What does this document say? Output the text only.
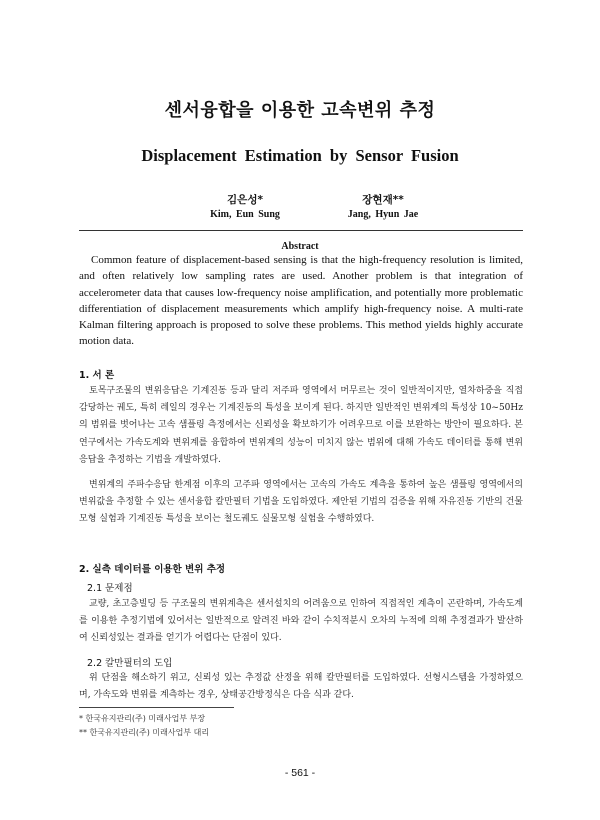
센서융합을 이용한 고속변위 추정
Displacement Estimation by Sensor Fusion
김은성*
Kim, Eun Sung
장현재**
Jang, Hyun Jae
Abstract
Common feature of displacement-based sensing is that the high-frequency resolution is limited, and often relatively low sampling rates are used. Another problem is that integration of accelerometer data that causes low-frequency noise amplification, and potentially more problematic differentiation of displacement measurements which amplify high-frequency noise. A multi-rate Kalman filtering approach is proposed to solve these problems. This method yields highly accurate motion data.
1. 서 론
토목구조물의 변위응답은 기계진동 등과 달리 저주파 영역에서 머무르는 것이 일반적이지만, 열차하중을 직접 감당하는 궤도, 특히 레일의 경우는 기계진동의 특성을 보이게 된다. 하지만 일반적인 변위계의 특성상 10~50Hz 의 범위를 벗어나는 고속 샘플링 측정에서는 신뢰성을 확보하기가 어려우므로 이를 보완하는 방안이 필요하다. 본 연구에서는 가속도계와 변위계를 융합하여 변위계의 성능이 미치지 않는 범위에 대해 가속도 데이터를 통해 변위응답을 추정하는 기법을 개발하였다.
변위계의 주파수응답 한계점 이후의 고주파 영역에서는 고속의 가속도 계측을 통하여 높은 샘플링 영역에서의 변위값을 추정할 수 있는 센서융합 칼만필터 기법을 도입하였다. 제안된 기법의 검증을 위해 자유진동 기반의 건물모형 실험과 기계진동 특성을 보이는 철도궤도 실물모형 실험을 수행하였다.
2. 실측 데이터를 이용한 변위 추정
2.1 문제점
교량, 초고층빌딩 등 구조물의 변위계측은 센서설치의 어려움으로 인하여 직접적인 계측이 곤란하며, 가속도계를 이용한 추정기법에 있어서는 일반적으로 알려진 바와 같이 수치적분시 오차의 누적에 의해 추정결과가 발산하여 신뢰성있는 결과를 얻기가 어렵다는 단점이 있다.
2.2 칼만필터의 도입
위 단점을 해소하기 위고, 신뢰성 있는 추정값 산정을 위해 칼만필터를 도입하였다. 선형시스템을 가정하였으며, 가속도와 변위를 계측하는 경우, 상태공간방정식은 다음 식과 같다.
* 한국유지관리(주) 미래사업부 부장
** 한국유지관리(주) 미래사업부 대리
- 561 -
